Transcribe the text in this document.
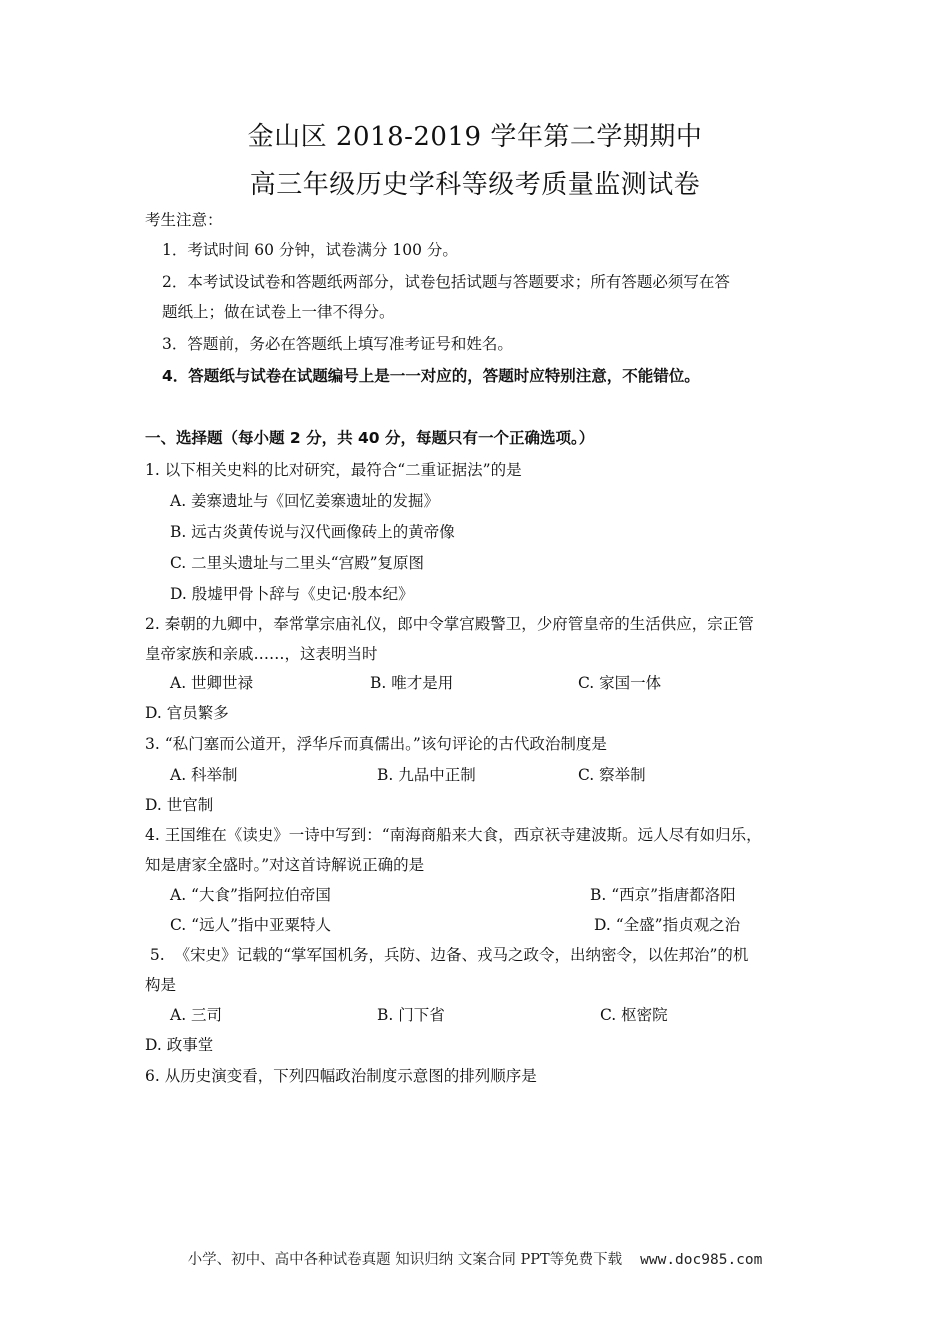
金山区 2018-2019 学年第二学期期中
高三年级历史学科等级考质量监测试卷
考生注意：
1．考试时间 60 分钟，试卷满分 100 分。
2．本考试设试卷和答题纸两部分，试卷包括试题与答题要求；所有答题必须写在答
题纸上；做在试卷上一律不得分。
3．答题前，务必在答题纸上填写准考证号和姓名。
4．答题纸与试卷在试题编号上是一一对应的，答题时应特别注意，不能错位。
一、选择题（每小题 2 分，共 40 分，每题只有一个正确选项。）
1. 以下相关史料的比对研究，最符合“二重证据法”的是
A. 姜寨遗址与《回忆姜寨遗址的发掘》
B. 远古炎黄传说与汉代画像砖上的黄帝像
C. 二里头遗址与二里头“宫殿”复原图
D. 殷墟甲骨卜辞与《史记·殷本纪》
2. 秦朝的九卿中，奉常掌宗庙礼仪，郎中令掌宫殿警卫，少府管皇帝的生活供应，宗正管
皇帝家族和亲戚……，这表明当时
A. 世卿世禄	B. 唯才是用	C. 家国一体
D. 官员繁多
3. “私门塞而公道开，浮华斥而真儒出。”该句评论的古代政治制度是
A. 科举制	B. 九品中正制	C. 察举制
D. 世官制
4. 王国维在《读史》一诗中写到：“南海商船来大食，西京祆寺建波斯。远人尽有如归乐，
知是唐家全盛时。”对这首诗解说正确的是
A. “大食”指阿拉伯帝国	B. “西京”指唐都洛阳
C. “远人”指中亚粟特人	D. “全盛”指贞观之治
5.  《宋史》记载的“掌军国机务，兵防、边备、戎马之政令，出纳密令，以佐邦治”的机
构是
A. 三司	B. 门下省	C. 枢密院
D. 政事堂
6. 从历史演变看，下列四幅政治制度示意图的排列顺序是
小学、初中、高中各种试卷真题 知识归纳 文案合同 PPT等免费下载 www.doc985.com
